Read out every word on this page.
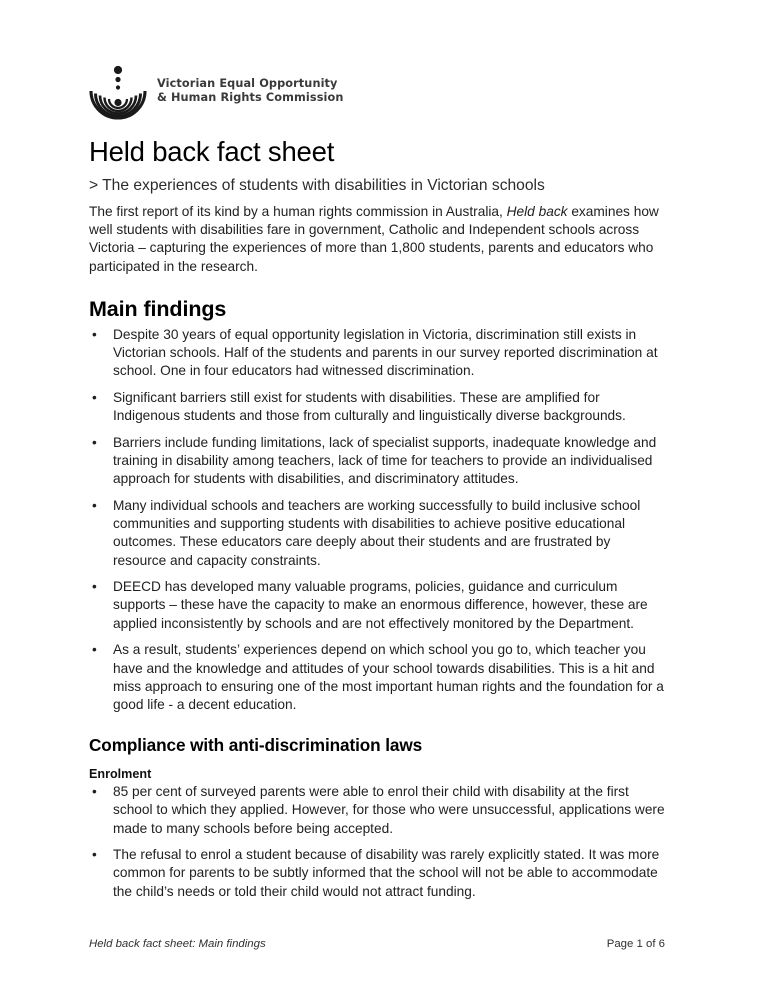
Victorian Equal Opportunity
& Human Rights Commission
Held back fact sheet
> The experiences of students with disabilities in Victorian schools

The first report of its kind by a human rights commission in Australia, Held back examines how well students with disabilities fare in government, Catholic and Independent schools across Victoria – capturing the experiences of more than 1,800 students, parents and educators who participated in the research.

Main findings
• Despite 30 years of equal opportunity legislation in Victoria, discrimination still exists in Victorian schools. Half of the students and parents in our survey reported discrimination at school. One in four educators had witnessed discrimination.
• Significant barriers still exist for students with disabilities. These are amplified for Indigenous students and those from culturally and linguistically diverse backgrounds.
• Barriers include funding limitations, lack of specialist supports, inadequate knowledge and training in disability among teachers, lack of time for teachers to provide an individualised approach for students with disabilities, and discriminatory attitudes.
• Many individual schools and teachers are working successfully to build inclusive school communities and supporting students with disabilities to achieve positive educational outcomes. These educators care deeply about their students and are frustrated by resource and capacity constraints.
• DEECD has developed many valuable programs, policies, guidance and curriculum supports – these have the capacity to make an enormous difference, however, these are applied inconsistently by schools and are not effectively monitored by the Department.
• As a result, students’ experiences depend on which school you go to, which teacher you have and the knowledge and attitudes of your school towards disabilities. This is a hit and miss approach to ensuring one of the most important human rights and the foundation for a good life - a decent education.
Compliance with anti-discrimination laws
Enrolment
• 85 per cent of surveyed parents were able to enrol their child with disability at the first school to which they applied. However, for those who were unsuccessful, applications were made to many schools before being accepted.
• The refusal to enrol a student because of disability was rarely explicitly stated. It was more common for parents to be subtly informed that the school will not be able to accommodate the child’s needs or told their child would not attract funding.
Held back fact sheet: Main findings	Page 1 of 6
